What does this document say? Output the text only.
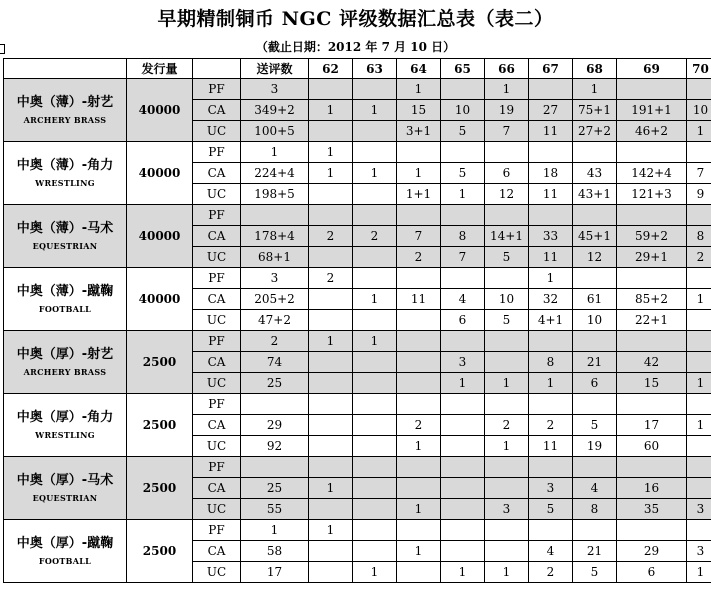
早期精制铜币 NGC 评级数据汇总表（表二）
（截止日期：2012 年 7 月 10 日）
	发行量		送评数	62	63	64	65	66	67	68	69	70

中奥（薄）-射艺
ARCHERY BRASS	40000	PF	3			1		1		1		
		CA	349+2	1	1	15	10	19	27	75+1	191+1	10
		UC	100+5			3+1	5	7	11	27+2	46+2	1

中奥（薄）-角力
WRESTLING	40000	PF	1	1								
		CA	224+4	1	1	1	5	6	18	43	142+4	7
		UC	198+5			1+1	1	12	11	43+1	121+3	9

中奥（薄）-马术
EQUESTRIAN	40000	PF										
		CA	178+4	2	2	7	8	14+1	33	45+1	59+2	8
		UC	68+1			2	7	5	11	12	29+1	2

中奥（薄）-蹴鞠
FOOTBALL	40000	PF	3	2					1			
		CA	205+2		1	11	4	10	32	61	85+2	1
		UC	47+2				6	5	4+1	10	22+1	

中奥（厚）-射艺
ARCHERY BRASS	2500	PF	2	1	1							
		CA	74				3		8	21	42	
		UC	25				1	1	1	6	15	1

中奥（厚）-角力
WRESTLING	2500	PF										
		CA	29			2		2	2	5	17	1
		UC	92			1		1	11	19	60	

中奥（厚）-马术
EQUESTRIAN	2500	PF										
		CA	25	1					3	4	16	
		UC	55			1		3	5	8	35	3

中奥（厚）-蹴鞠
FOOTBALL	2500	PF	1	1								
		CA	58			1			4	21	29	3
		UC	17		1		1	1	2	5	6	1
